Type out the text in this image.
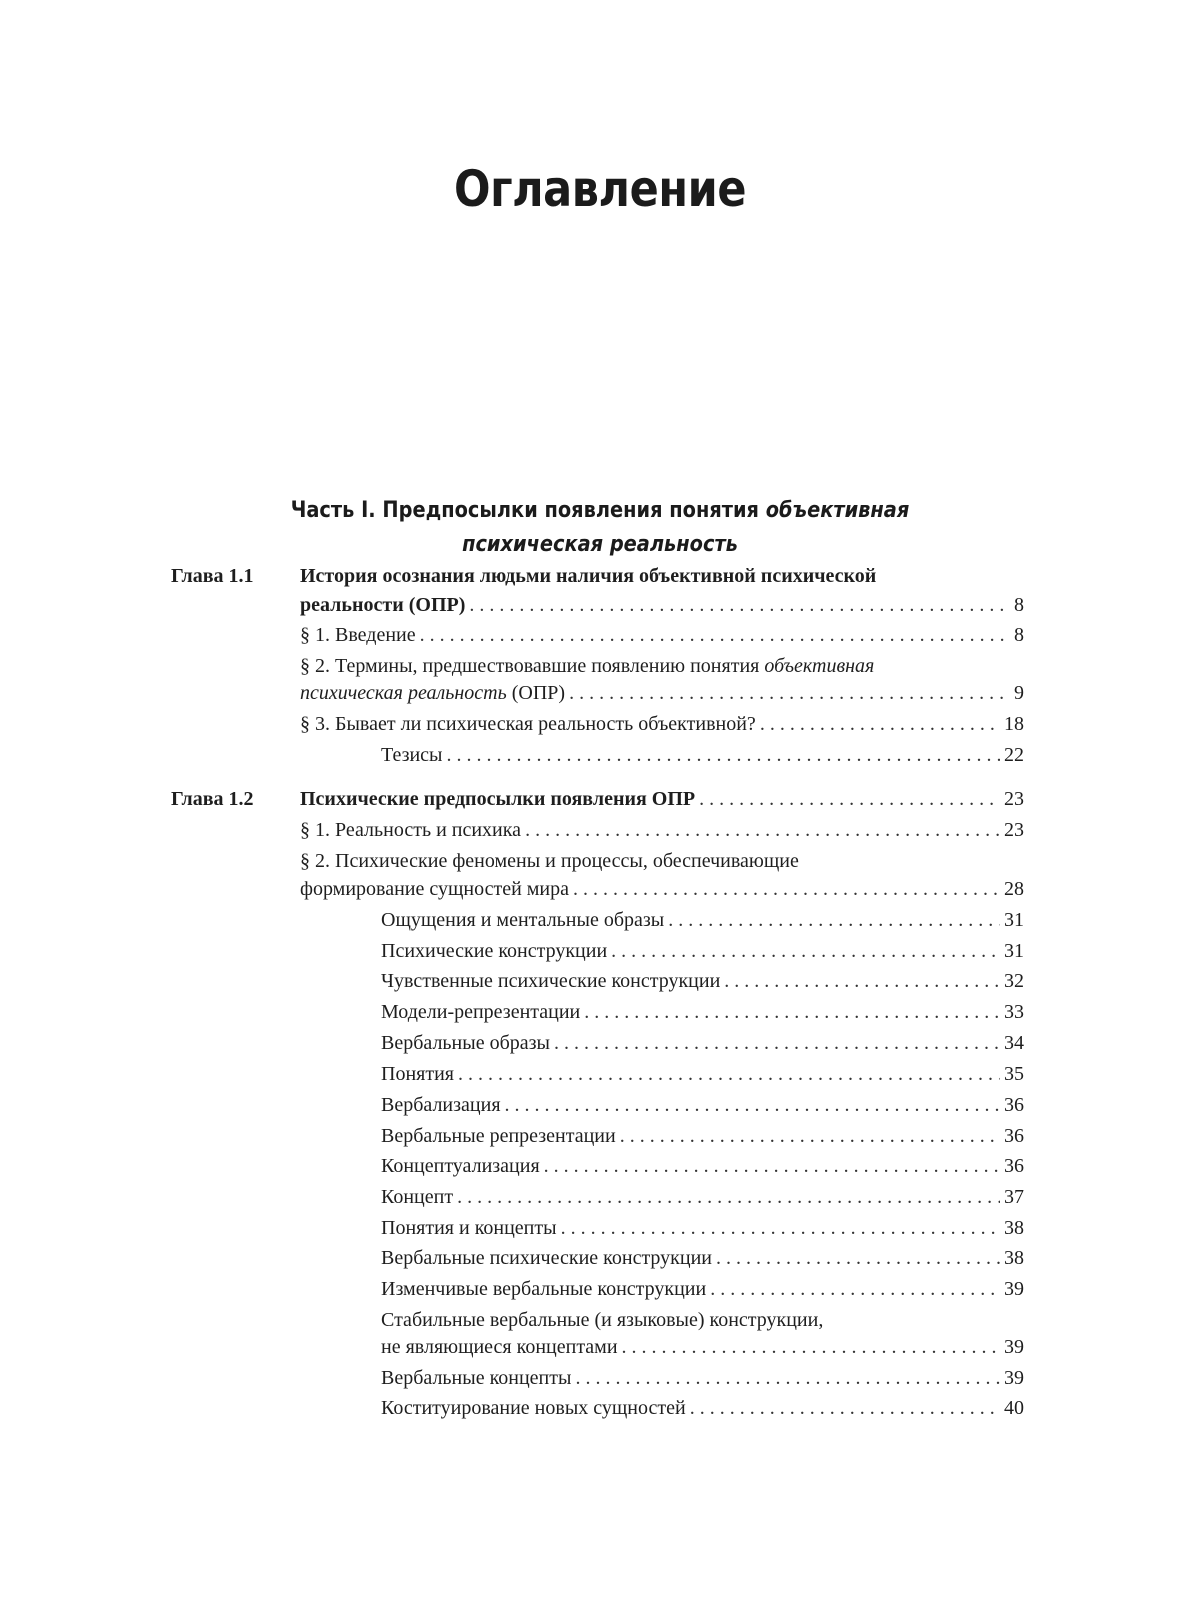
Оглавление
Часть I. Предпосылки появления понятия объективная
психическая реальность
Глава 1.1 История осознания людьми наличия объективной психической
реальности (ОПР) . . .	8
§ 1. Введение . . .	8
§ 2. Термины, предшествовавшие появлению понятия объективная
психическая реальность (ОПР) . . .	9
§ 3. Бывает ли психическая реальность объективной? . . .	18
Тезисы . . .	22
Глава 1.2 Психические предпосылки появления ОПР . . .	23
§ 1. Реальность и психика . . .	23
§ 2. Психические феномены и процессы, обеспечивающие
формирование сущностей мира . . .	28
Ощущения и ментальные образы . . .	31
Психические конструкции . . .	31
Чувственные психические конструкции . . .	32
Модели-репрезентации . . .	33
Вербальные образы . . .	34
Понятия . . .	35
Вербализация . . .	36
Вербальные репрезентации . . .	36
Концептуализация . . .	36
Концепт . . .	37
Понятия и концепты . . .	38
Вербальные психические конструкции . . .	38
Изменчивые вербальные конструкции . . .	39
Стабильные вербальные (и языковые) конструкции,
не являющиеся концептами . . .	39
Вербальные концепты . . .	39
Коституирование новых сущностей . . .	40
